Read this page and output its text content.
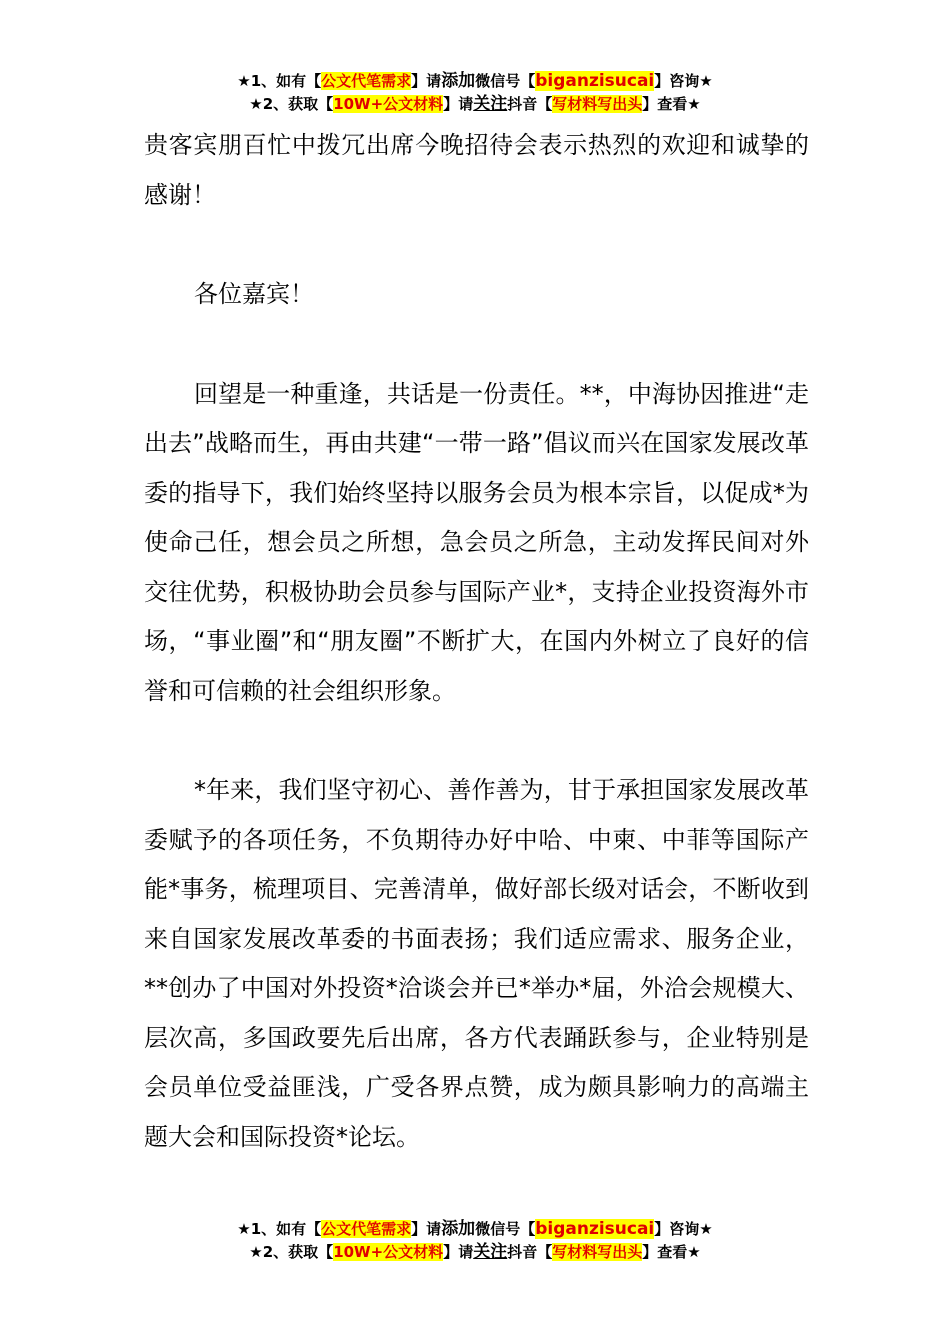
★1、如有【公文代笔需求】请添加微信号【biganzisucai】咨询★
★2、获取【10W+公文材料】请关注抖音【写材料写出头】查看★

贵客宾朋百忙中拨冗出席今晚招待会表示热烈的欢迎和诚挚的感谢！

各位嘉宾！

回望是一种重逢，共话是一份责任。**，中海协因推进“走出去”战略而生，再由共建“一带一路”倡议而兴在国家发展改革委的指导下，我们始终坚持以服务会员为根本宗旨，以促成*为使命己任，想会员之所想，急会员之所急，主动发挥民间对外交往优势，积极协助会员参与国际产业*，支持企业投资海外市场，“事业圈”和“朋友圈”不断扩大，在国内外树立了良好的信誉和可信赖的社会组织形象。

*年来，我们坚守初心、善作善为，甘于承担国家发展改革委赋予的各项任务，不负期待办好中哈、中柬、中菲等国际产能*事务，梳理项目、完善清单，做好部长级对话会，不断收到来自国家发展改革委的书面表扬；我们适应需求、服务企业，**创办了中国对外投资*洽谈会并已*举办*届，外洽会规模大、层次高，多国政要先后出席，各方代表踊跃参与，企业特别是会员单位受益匪浅，广受各界点赞，成为颇具影响力的高端主题大会和国际投资*论坛。

★1、如有【公文代笔需求】请添加微信号【biganzisucai】咨询★
★2、获取【10W+公文材料】请关注抖音【写材料写出头】查看★
